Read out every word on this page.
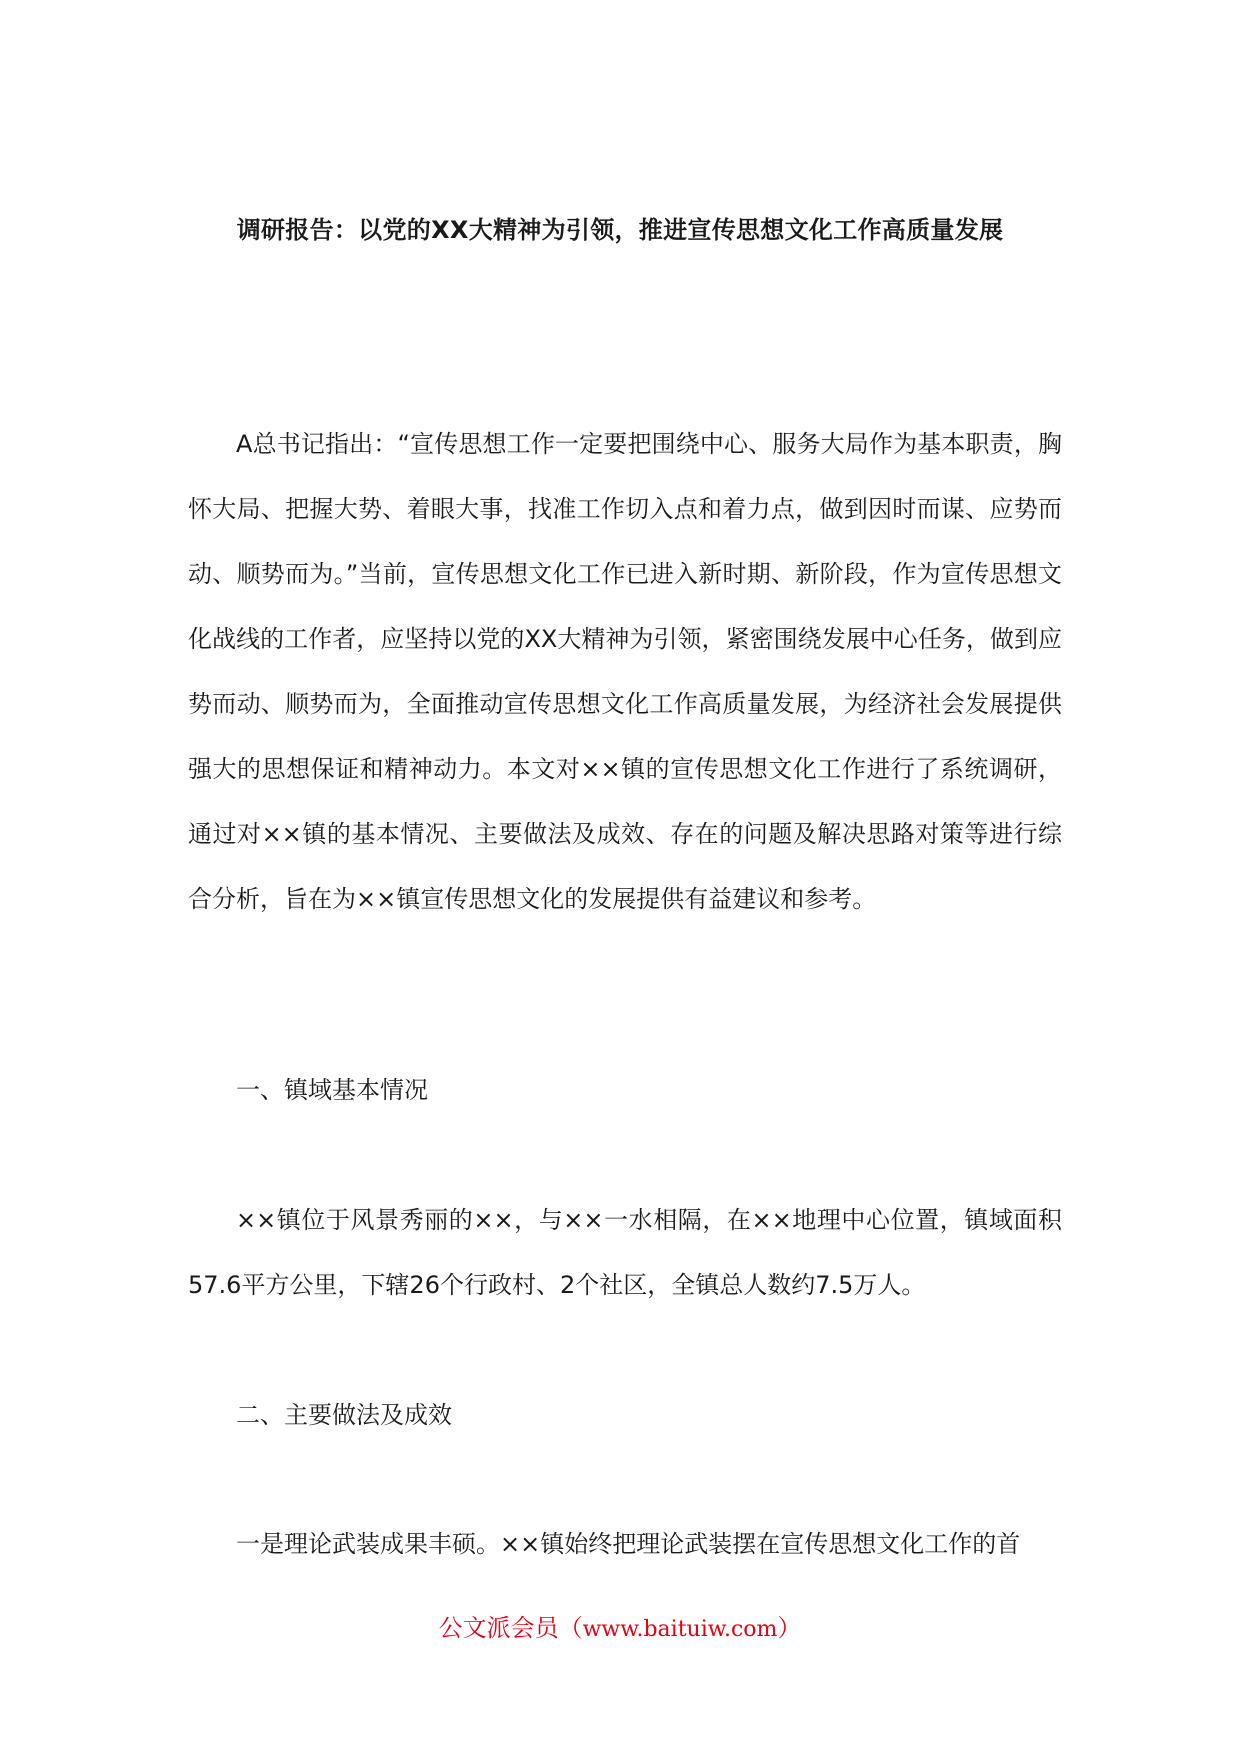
调研报告：以党的XX大精神为引领，推进宣传思想文化工作高质量发展

A总书记指出：“宣传思想工作一定要把围绕中心、服务大局作为基本职责，胸怀大局、把握大势、着眼大事，找准工作切入点和着力点，做到因时而谋、应势而动、顺势而为。”当前，宣传思想文化工作已进入新时期、新阶段，作为宣传思想文化战线的工作者，应坚持以党的XX大精神为引领，紧密围绕发展中心任务，做到应势而动、顺势而为，全面推动宣传思想文化工作高质量发展，为经济社会发展提供强大的思想保证和精神动力。本文对××镇的宣传思想文化工作进行了系统调研，通过对××镇的基本情况、主要做法及成效、存在的问题及解决思路对策等进行综合分析，旨在为××镇宣传思想文化的发展提供有益建议和参考。

一、镇域基本情况

××镇位于风景秀丽的××，与××一水相隔，在××地理中心位置，镇域面积57.6平方公里，下辖26个行政村、2个社区，全镇总人数约7.5万人。

二、主要做法及成效

一是理论武装成果丰硕。××镇始终把理论武装摆在宣传思想文化工作的首

公文派会员（www.baituiw.com）
